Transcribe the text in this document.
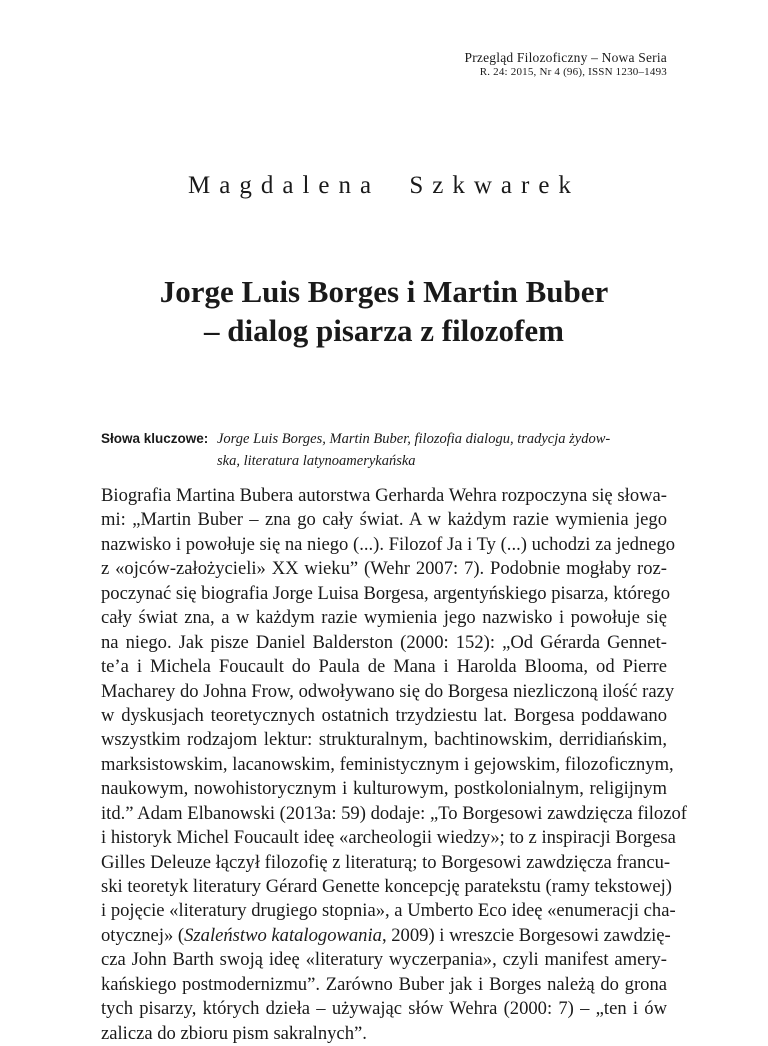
Przegląd Filozoficzny – Nowa Seria
R. 24: 2015, Nr 4 (96), ISSN 1230–1493
Magdalena Szkwarek
Jorge Luis Borges i Martin Buber
– dialog pisarza z filozofem
Słowa kluczowe: Jorge Luis Borges, Martin Buber, filozofia dialogu, tradycja żydow-
ska, literatura latynoamerykańska
Biografia Martina Bubera autorstwa Gerharda Wehra rozpoczyna się słowa-
mi: „Martin Buber – zna go cały świat. A w każdym razie wymienia jego
nazwisko i powołuje się na niego (...). Filozof Ja i Ty (...) uchodzi za jednego
z «ojców-założycieli» XX wieku” (Wehr 2007: 7). Podobnie mogłaby roz-
poczynać się biografia Jorge Luisa Borgesa, argentyńskiego pisarza, którego
cały świat zna, a w każdym razie wymienia jego nazwisko i powołuje się
na niego. Jak pisze Daniel Balderston (2000: 152): „Od Gérarda Gennet-
te’a i Michela Foucault do Paula de Mana i Harolda Blooma, od Pierre
Macharey do Johna Frow, odwoływano się do Borgesa niezliczoną ilość razy
w dyskusjach teoretycznych ostatnich trzydziestu lat. Borgesa poddawano
wszystkim rodzajom lektur: strukturalnym, bachtinowskim, derridiańskim,
marksistowskim, lacanowskim, feministycznym i gejowskim, filozoficznym,
naukowym, nowohistorycznym i kulturowym, postkolonialnym, religijnym
itd.” Adam Elbanowski (2013a: 59) dodaje: „To Borgesowi zawdzięcza filozof
i historyk Michel Foucault ideę «archeologii wiedzy»; to z inspiracji Borgesa
Gilles Deleuze łączył filozofię z literaturą; to Borgesowi zawdzięcza francu-
ski teoretyk literatury Gérard Genette koncepcję paratekstu (ramy tekstowej)
i pojęcie «literatury drugiego stopnia», a Umberto Eco ideę «enumeracji cha-
otycznej» (Szaleństwo katalogowania, 2009) i wreszcie Borgesowi zawdzię-
cza John Barth swoją ideę «literatury wyczerpania», czyli manifest amery-
kańskiego postmodernizmu”. Zarówno Buber jak i Borges należą do grona
tych pisarzy, których dzieła – używając słów Wehra (2000: 7) – „ten i ów
zalicza do zbioru pism sakralnych”.
